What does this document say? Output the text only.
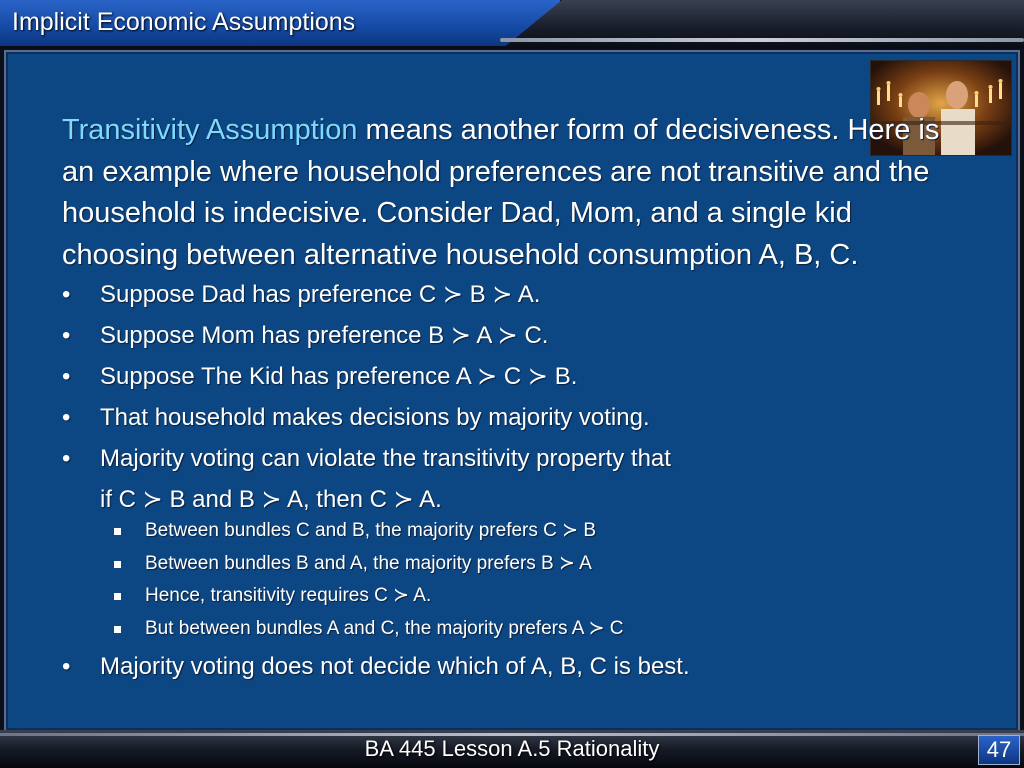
Implicit Economic Assumptions

Transitivity Assumption means another form of decisiveness. Here is an example where household preferences are not transitive and the household is indecisive. Consider Dad, Mom, and a single kid choosing between alternative household consumption A, B, C.

• Suppose Dad has preference C ≻ B ≻ A.
• Suppose Mom has preference B ≻ A ≻ C.
• Suppose The Kid has preference A ≻ C ≻ B.
• That household makes decisions by majority voting.
• Majority voting can violate the transitivity property that
if C ≻ B and B ≻ A, then C ≻ A.
Between bundles C and B, the majority prefers C ≻ B
Between bundles B and A, the majority prefers B ≻ A
Hence, transitivity requires C ≻ A.
But between bundles A and C, the majority prefers A ≻ C
• Majority voting does not decide which of A, B, C is best.
BA 445 Lesson A.5 Rationality	47
